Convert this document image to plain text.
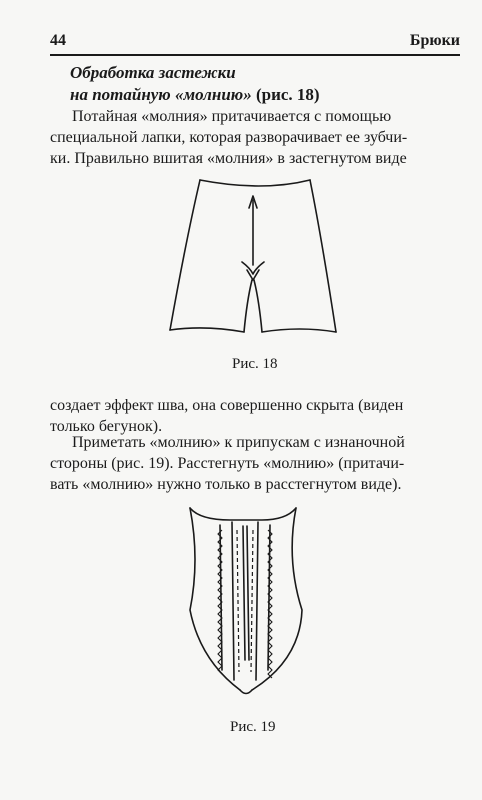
44	Брюки
Обработка застежки
на потайную «молнию» (рис. 18)
Потайная «молния» притачивается с помощью
специальной лапки, которая разворачивает ее зубчи-
ки. Правильно вшитая «молния» в застегнутом виде
Рис. 18
создает эффект шва, она совершенно скрыта (виден
только бегунок).
Приметать «молнию» к припускам с изнаночной
стороны (рис. 19). Расстегнуть «молнию» (притачи-
вать «молнию» нужно только в расстегнутом виде).
Рис. 19
